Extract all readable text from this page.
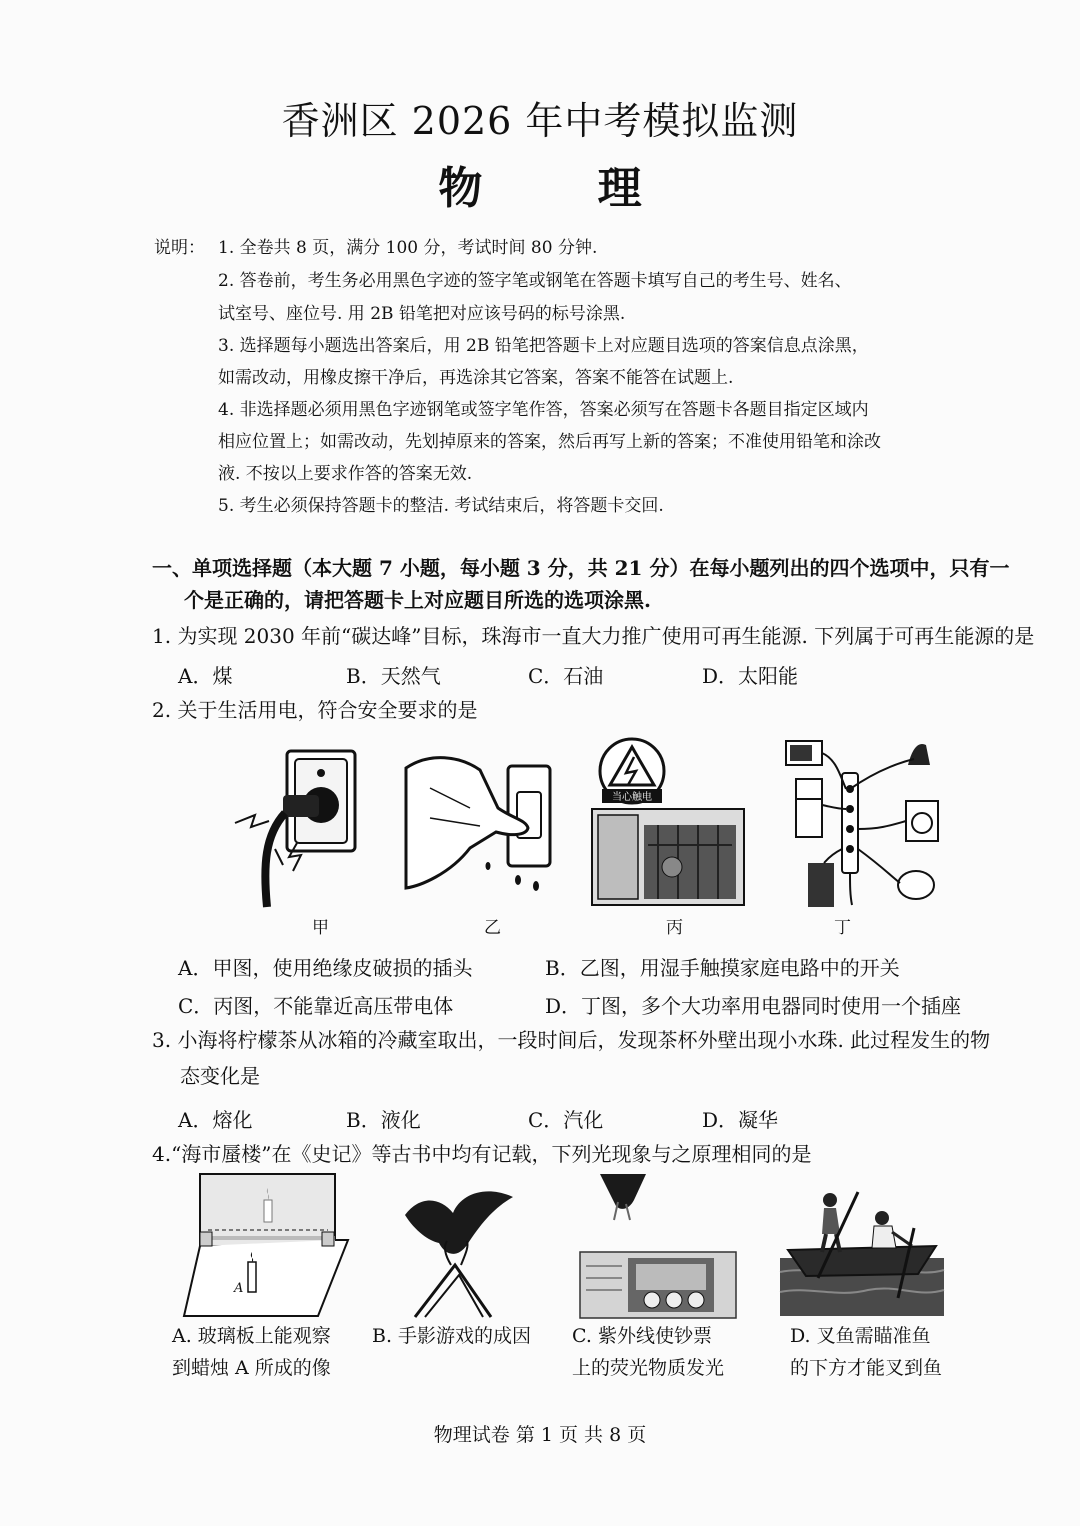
香洲区 2026 年中考模拟监测
物 理
说明： 1. 全卷共 8 页，满分 100 分，考试时间 80 分钟.
2. 答卷前，考生务必用黑色字迹的签字笔或钢笔在答题卡填写自己的考生号、姓名、
试室号、座位号. 用 2B 铅笔把对应该号码的标号涂黑.
3. 选择题每小题选出答案后，用 2B 铅笔把答题卡上对应题目选项的答案信息点涂黑，
如需改动，用橡皮擦干净后，再选涂其它答案，答案不能答在试题上.
4. 非选择题必须用黑色字迹钢笔或签字笔作答，答案必须写在答题卡各题目指定区域内
相应位置上；如需改动，先划掉原来的答案，然后再写上新的答案；不准使用铅笔和涂改
液. 不按以上要求作答的答案无效.
5. 考生必须保持答题卡的整洁. 考试结束后，将答题卡交回.
一、单项选择题（本大题 7 小题，每小题 3 分，共 21 分）在每小题列出的四个选项中，只有一
个是正确的，请把答题卡上对应题目所选的选项涂黑.
1. 为实现 2030 年前“碳达峰”目标，珠海市一直大力推广使用可再生能源. 下列属于可再生能源的是
A．煤	B．天然气	C．石油	D．太阳能
2. 关于生活用电，符合安全要求的是
甲	乙
当心触电
丙	丁
A．甲图，使用绝缘皮破损的插头	B．乙图，用湿手触摸家庭电路中的开关
C．丙图，不能靠近高压带电体	D．丁图，多个大功率用电器同时使用一个插座
3. 小海将柠檬茶从冰箱的冷藏室取出，一段时间后，发现茶杯外壁出现小水珠. 此过程发生的物
态变化是
A．熔化	B．液化	C．汽化	D．凝华
4.“海市蜃楼”在《史记》等古书中均有记载，下列光现象与之原理相同的是
A
A. 玻璃板上能观察
到蜡烛 A 所成的像
B. 手影游戏的成因 C. 紫外线使钞票
上的荧光物质发光
D. 叉鱼需瞄准鱼
的下方才能叉到鱼
物理试卷 第 1 页 共 8 页
